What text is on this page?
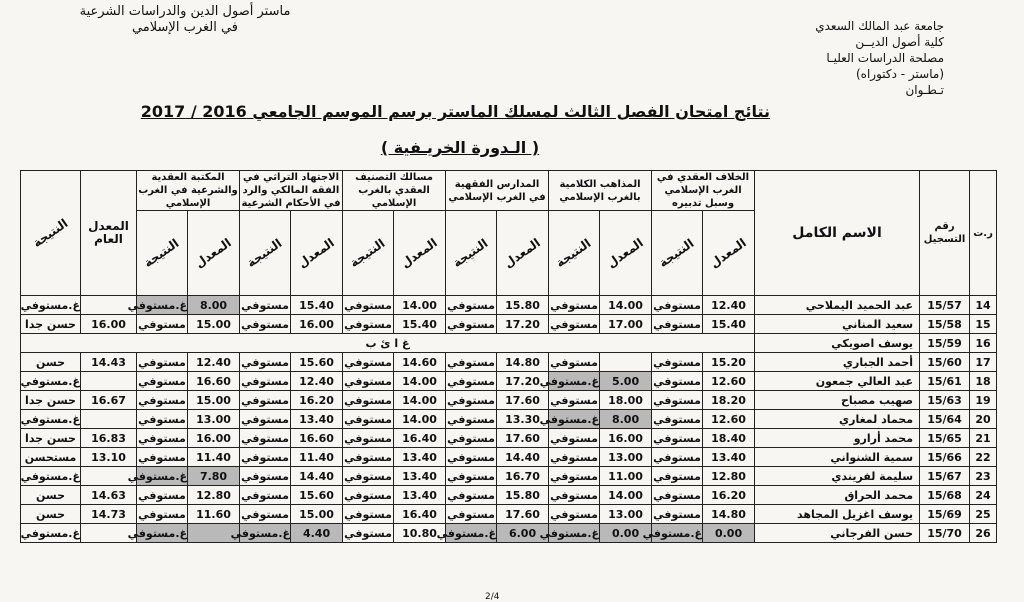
ماستر أصول الدين والدراسات الشرعية
في الغرب الإسلامي	جامعة عبد المالك السعدي
كلية أصول الديــن
مصلحة الدراسات العليـا
(ماستر - دكتوراه)
تـطـوان
نتائج امتحان الفصل الثالث لمسلك الماستر برسم الموسم الجامعي 2016 / 2017
( الـدورة الخريـفية )
ر.ت	رقم التسجيل	الاسم الكامل	الخلاف العقدي في الغرب الإسلامي وسبل تدبيره		المذاهب الكلامية بالغرب الإسلامي		المدارس الفقهية في الغرب الإسلامي		مسالك التصنيف العقدي بالغرب الإسلامي		الاجتهاد التراثي في الفقه المالكي والرد في الأحكام الشرعية		المكتبة العقدية والشرعية في الغرب الإسلامي		المعدل العام	النتيجة
			المعدل	النتيجة	المعدل	النتيجة	المعدل	النتيجة	المعدل	النتيجة	المعدل	النتيجة	المعدل	النتيجة		
14	15/57	عبد الحميد اليملاحي	12.40	مستوفي	14.00	مستوفي	15.80	مستوفي	14.00	مستوفي	15.40	مستوفي	8.00	غ.مستوفي		غ.مستوفي
15	15/58	سعيد المناني	15.40	مستوفي	17.00	مستوفي	17.20	مستوفي	15.40	مستوفي	16.00	مستوفي	15.00	مستوفي	16.00	حسن جدا
16	15/59	يوسف اصويكي	غ ا ئ ب													
17	15/60	أحمد الجباري	15.20	مستوفي		مستوفي	14.80	مستوفي	14.60	مستوفي	15.60	مستوفي	12.40	مستوفي	14.43	حسن
18	15/61	عبد العالي جمعون	12.60	مستوفي	5.00	غ.مستوفي	17.20	مستوفي	14.00	مستوفي	12.40	مستوفي	16.60	مستوفي		غ.مستوفي
19	15/63	صهيب مصباح	18.20	مستوفي	18.00	مستوفي	17.60	مستوفي	14.00	مستوفي	16.20	مستوفي	15.00	مستوفي	16.67	حسن جدا
20	15/64	محماد لمغاري	12.60	مستوفي	8.00	غ.مستوفي	13.30	مستوفي	14.00	مستوفي	13.40	مستوفي	13.00	مستوفي		غ.مستوفي
21	15/65	محمد أرارو	18.40	مستوفي	16.00	مستوفي	17.60	مستوفي	16.40	مستوفي	16.60	مستوفي	16.00	مستوفي	16.83	حسن جدا
22	15/66	سمية الشنواني	13.40	مستوفي	13.00	مستوفي	14.40	مستوفي	13.40	مستوفي	11.40	مستوفي	11.40	مستوفي	13.10	مستحسن
23	15/67	سليمة لفريندي	12.80	مستوفي	11.00	مستوفي	16.70	مستوفي	13.40	مستوفي	14.40	مستوفي	7.80	غ.مستوفي		غ.مستوفي
24	15/68	محمد الحراق	16.20	مستوفي	14.00	مستوفي	15.80	مستوفي	13.40	مستوفي	15.60	مستوفي	12.80	مستوفي	14.63	حسن
25	15/69	يوسف اغزيل المجاهد	14.80	مستوفي	13.00	مستوفي	17.60	مستوفي	16.40	مستوفي	15.00	مستوفي	11.60	مستوفي	14.73	حسن
26	15/70	حسن الفرجاني	0.00	غ.مستوفي	0.00	غ.مستوفي	6.00	غ.مستوفي	10.80	مستوفي	4.40	غ.مستوفي		غ.مستوفي		غ.مستوفي
2/4
